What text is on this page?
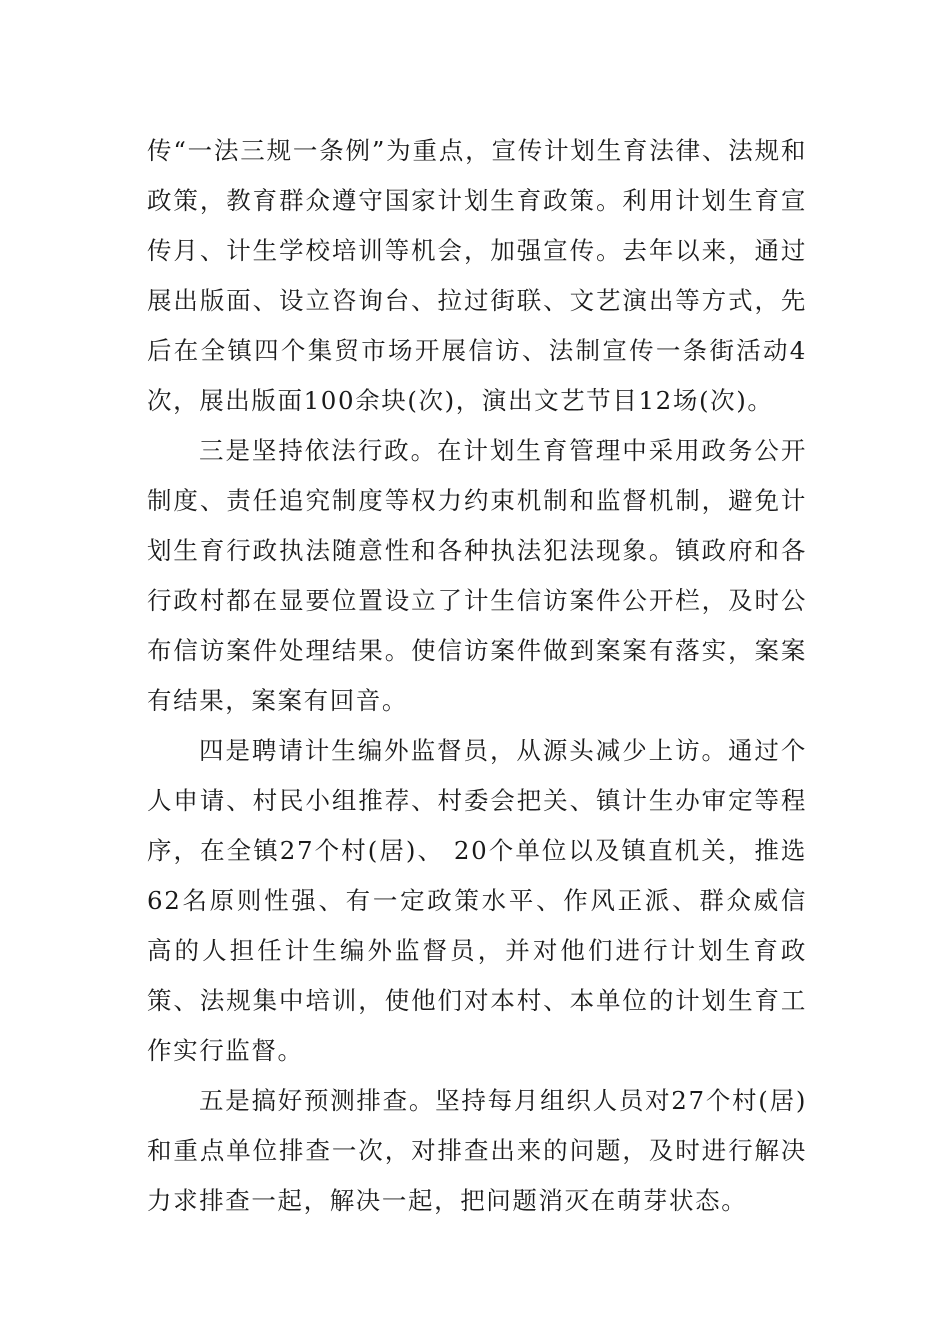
传“一法三规一条例”为重点，宣传计划生育法律、法规和政策，教育群众遵守国家计划生育政策。利用计划生育宣传月、计生学校培训等机会，加强宣传。去年以来，通过展出版面、设立咨询台、拉过街联、文艺演出等方式，先后在全镇四个集贸市场开展信访、法制宣传一条街活动4次，展出版面100余块(次)，演出文艺节目12场(次)。

三是坚持依法行政。在计划生育管理中采用政务公开制度、责任追究制度等权力约束机制和监督机制，避免计划生育行政执法随意性和各种执法犯法现象。镇政府和各行政村都在显要位置设立了计生信访案件公开栏，及时公布信访案件处理结果。使信访案件做到案案有落实，案案有结果，案案有回音。

四是聘请计生编外监督员，从源头减少上访。通过个人申请、村民小组推荐、村委会把关、镇计生办审定等程序，在全镇27个村(居)、 20个单位以及镇直机关，推选62名原则性强、有一定政策水平、作风正派、群众威信高的人担任计生编外监督员，并对他们进行计划生育政策、法规集中培训，使他们对本村、本单位的计划生育工作实行监督。

五是搞好预测排查。坚持每月组织人员对27个村(居)和重点单位排查一次，对排查出来的问题，及时进行解决力求排查一起，解决一起，把问题消灭在萌芽状态。
